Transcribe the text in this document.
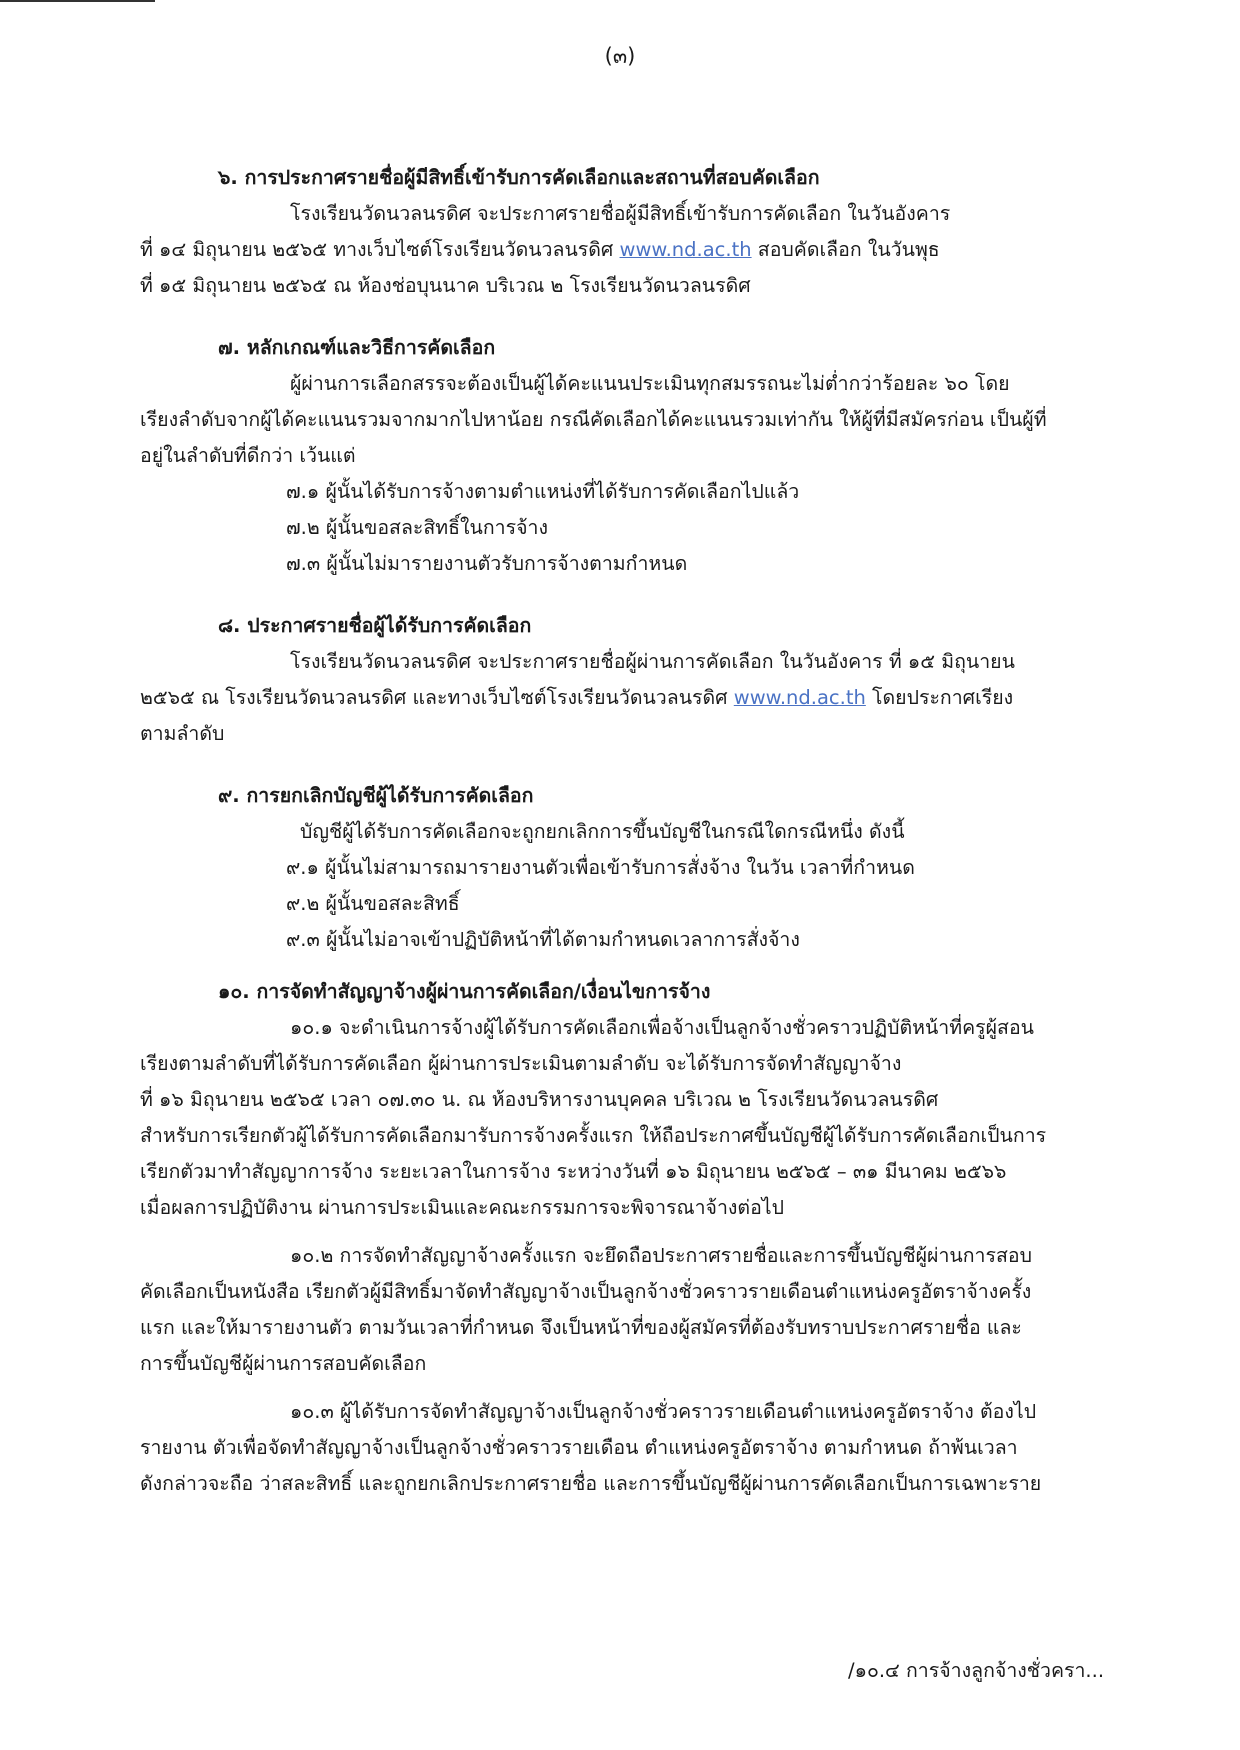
(๓)
๖. การประกาศรายชื่อผู้มีสิทธิ์เข้ารับการคัดเลือกและสถานที่สอบคัดเลือก
โรงเรียนวัดนวลนรดิศ จะประกาศรายชื่อผู้มีสิทธิ์เข้ารับการคัดเลือก ในวันอังคาร
ที่ ๑๔ มิถุนายน ๒๕๖๕ ทางเว็บไซต์โรงเรียนวัดนวลนรดิศ www.nd.ac.th สอบคัดเลือก ในวันพุธ
ที่ ๑๕ มิถุนายน ๒๕๖๕ ณ ห้องช่อบุนนาค บริเวณ ๒ โรงเรียนวัดนวลนรดิศ
๗. หลักเกณฑ์และวิธีการคัดเลือก
ผู้ผ่านการเลือกสรรจะต้องเป็นผู้ได้คะแนนประเมินทุกสมรรถนะไม่ต่ำกว่าร้อยละ ๖๐ โดย
เรียงลำดับจากผู้ได้คะแนนรวมจากมากไปหาน้อย กรณีคัดเลือกได้คะแนนรวมเท่ากัน ให้ผู้ที่มีสมัครก่อน เป็นผู้ที่
อยู่ในลำดับที่ดีกว่า เว้นแต่
๗.๑ ผู้นั้นได้รับการจ้างตามตำแหน่งที่ได้รับการคัดเลือกไปแล้ว
๗.๒ ผู้นั้นขอสละสิทธิ์ในการจ้าง
๗.๓ ผู้นั้นไม่มารายงานตัวรับการจ้างตามกำหนด
๘. ประกาศรายชื่อผู้ได้รับการคัดเลือก
โรงเรียนวัดนวลนรดิศ จะประกาศรายชื่อผู้ผ่านการคัดเลือก ในวันอังคาร ที่ ๑๕ มิถุนายน
๒๕๖๕ ณ โรงเรียนวัดนวลนรดิศ และทางเว็บไซต์โรงเรียนวัดนวลนรดิศ www.nd.ac.th โดยประกาศเรียง
ตามลำดับ
๙. การยกเลิกบัญชีผู้ได้รับการคัดเลือก
บัญชีผู้ได้รับการคัดเลือกจะถูกยกเลิกการขึ้นบัญชีในกรณีใดกรณีหนึ่ง ดังนี้
๙.๑ ผู้นั้นไม่สามารถมารายงานตัวเพื่อเข้ารับการสั่งจ้าง ในวัน เวลาที่กำหนด
๙.๒ ผู้นั้นขอสละสิทธิ์
๙.๓ ผู้นั้นไม่อาจเข้าปฏิบัติหน้าที่ได้ตามกำหนดเวลาการสั่งจ้าง
๑๐. การจัดทำสัญญาจ้างผู้ผ่านการคัดเลือก/เงื่อนไขการจ้าง
๑๐.๑ จะดำเนินการจ้างผู้ได้รับการคัดเลือกเพื่อจ้างเป็นลูกจ้างชั่วคราวปฏิบัติหน้าที่ครูผู้สอน
เรียงตามลำดับที่ได้รับการคัดเลือก ผู้ผ่านการประเมินตามลำดับ จะได้รับการจัดทำสัญญาจ้าง
ที่ ๑๖ มิถุนายน ๒๕๖๕ เวลา ๐๗.๓๐ น. ณ ห้องบริหารงานบุคคล บริเวณ ๒ โรงเรียนวัดนวลนรดิศ
สำหรับการเรียกตัวผู้ได้รับการคัดเลือกมารับการจ้างครั้งแรก ให้ถือประกาศขึ้นบัญชีผู้ได้รับการคัดเลือกเป็นการ
เรียกตัวมาทำสัญญาการจ้าง ระยะเวลาในการจ้าง ระหว่างวันที่ ๑๖ มิถุนายน ๒๕๖๕ – ๓๑ มีนาคม ๒๕๖๖
เมื่อผลการปฏิบัติงาน ผ่านการประเมินและคณะกรรมการจะพิจารณาจ้างต่อไป
๑๐.๒ การจัดทำสัญญาจ้างครั้งแรก จะยึดถือประกาศรายชื่อและการขึ้นบัญชีผู้ผ่านการสอบ
คัดเลือกเป็นหนังสือ เรียกตัวผู้มีสิทธิ์มาจัดทำสัญญาจ้างเป็นลูกจ้างชั่วคราวรายเดือนตำแหน่งครูอัตราจ้างครั้ง
แรก และให้มารายงานตัว ตามวันเวลาที่กำหนด จึงเป็นหน้าที่ของผู้สมัครที่ต้องรับทราบประกาศรายชื่อ และ
การขึ้นบัญชีผู้ผ่านการสอบคัดเลือก
๑๐.๓ ผู้ได้รับการจัดทำสัญญาจ้างเป็นลูกจ้างชั่วคราวรายเดือนตำแหน่งครูอัตราจ้าง ต้องไป
รายงาน ตัวเพื่อจัดทำสัญญาจ้างเป็นลูกจ้างชั่วคราวรายเดือน ตำแหน่งครูอัตราจ้าง ตามกำหนด ถ้าพ้นเวลา
ดังกล่าวจะถือ ว่าสละสิทธิ์ และถูกยกเลิกประกาศรายชื่อ และการขึ้นบัญชีผู้ผ่านการคัดเลือกเป็นการเฉพาะราย
/๑๐.๔ การจ้างลูกจ้างชั่วครา...
